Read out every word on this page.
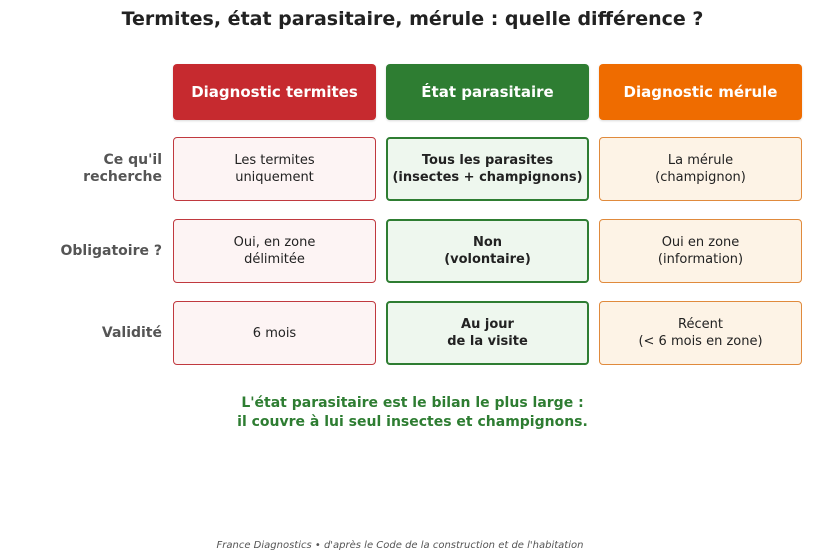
Termites, état parasitaire, mérule : quelle différence ?
Diagnostic termites	État parasitaire	Diagnostic mérule
Ce qu'il
recherche
Obligatoire ?
Validité
Les termites
uniquement
Tous les parasites
(insectes + champignons)
La mérule
(champignon)
Oui, en zone
délimitée
Non
(volontaire)
Oui en zone
(information)
6 mois
Au jour
de la visite
Récent
(< 6 mois en zone)
L'état parasitaire est le bilan le plus large :
il couvre à lui seul insectes et champignons.
France Diagnostics • d'après le Code de la construction et de l'habitation
